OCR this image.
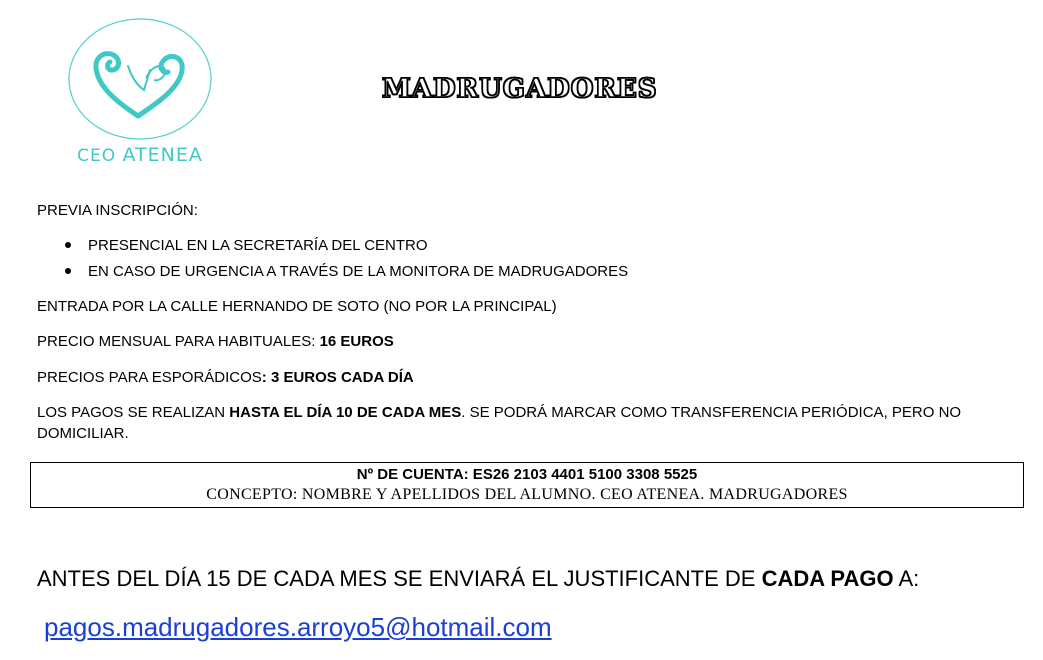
CEO ATENEA
MADRUGADORES
PREVIA INSCRIPCIÓN:
PRESENCIAL EN LA SECRETARÍA DEL CENTRO
EN CASO DE URGENCIA A TRAVÉS DE LA MONITORA DE MADRUGADORES
ENTRADA POR LA CALLE HERNANDO DE SOTO (NO POR LA PRINCIPAL)
PRECIO MENSUAL PARA HABITUALES: 16 EUROS
PRECIOS PARA ESPORÁDICOS: 3 EUROS CADA DÍA
LOS PAGOS SE REALIZAN HASTA EL DÍA 10 DE CADA MES. SE PODRÁ MARCAR COMO TRANSFERENCIA PERIÓDICA, PERO NO DOMICILIAR.
Nº DE CUENTA: ES26 2103 4401 5100 3308 5525
CONCEPTO: NOMBRE Y APELLIDOS DEL ALUMNO. CEO ATENEA. MADRUGADORES
ANTES DEL DÍA 15 DE CADA MES SE ENVIARÁ EL JUSTIFICANTE DE CADA PAGO A:
pagos.madrugadores.arroyo5@hotmail.com
